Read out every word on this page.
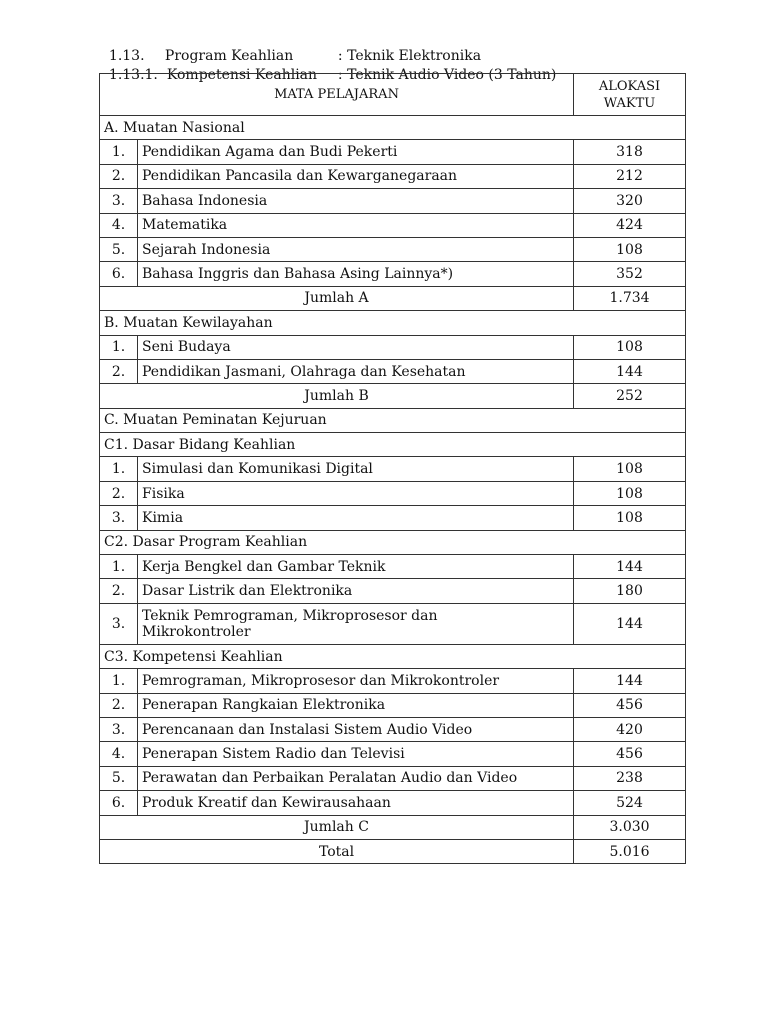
1.13. Program Keahlian	: Teknik Elektronika

1.13.1. Kompetensi Keahlian : Teknik Audio Video (3 Tahun)

MATA PELAJARAN		ALOKASI
WAKTU
A. Muatan Nasional		
1.	Pendidikan Agama dan Budi Pekerti	318
2.	Pendidikan Pancasila dan Kewarganegaraan	212
3.	Bahasa Indonesia	320
4.	Matematika	424
5.	Sejarah Indonesia	108
6.	Bahasa Inggris dan Bahasa Asing Lainnya*)	352
Jumlah A		1.734
B. Muatan Kewilayahan		
1.	Seni Budaya	108
2.	Pendidikan Jasmani, Olahraga dan Kesehatan	144
Jumlah B		252
C. Muatan Peminatan Kejuruan		
C1. Dasar Bidang Keahlian		
1.	Simulasi dan Komunikasi Digital	108
2.	Fisika	108
3.	Kimia	108
C2. Dasar Program Keahlian		
1.	Kerja Bengkel dan Gambar Teknik	144
2.	Dasar Listrik dan Elektronika	180
3.	Teknik Pemrograman, Mikroprosesor dan
Mikrokontroler	144
C3. Kompetensi Keahlian		
1.	Pemrograman, Mikroprosesor dan Mikrokontroler	144
2.	Penerapan Rangkaian Elektronika	456
3.	Perencanaan dan Instalasi Sistem Audio Video	420
4.	Penerapan Sistem Radio dan Televisi	456
5.	Perawatan dan Perbaikan Peralatan Audio dan Video	238
6.	Produk Kreatif dan Kewirausahaan	524
Jumlah C		3.030
Total		5.016
